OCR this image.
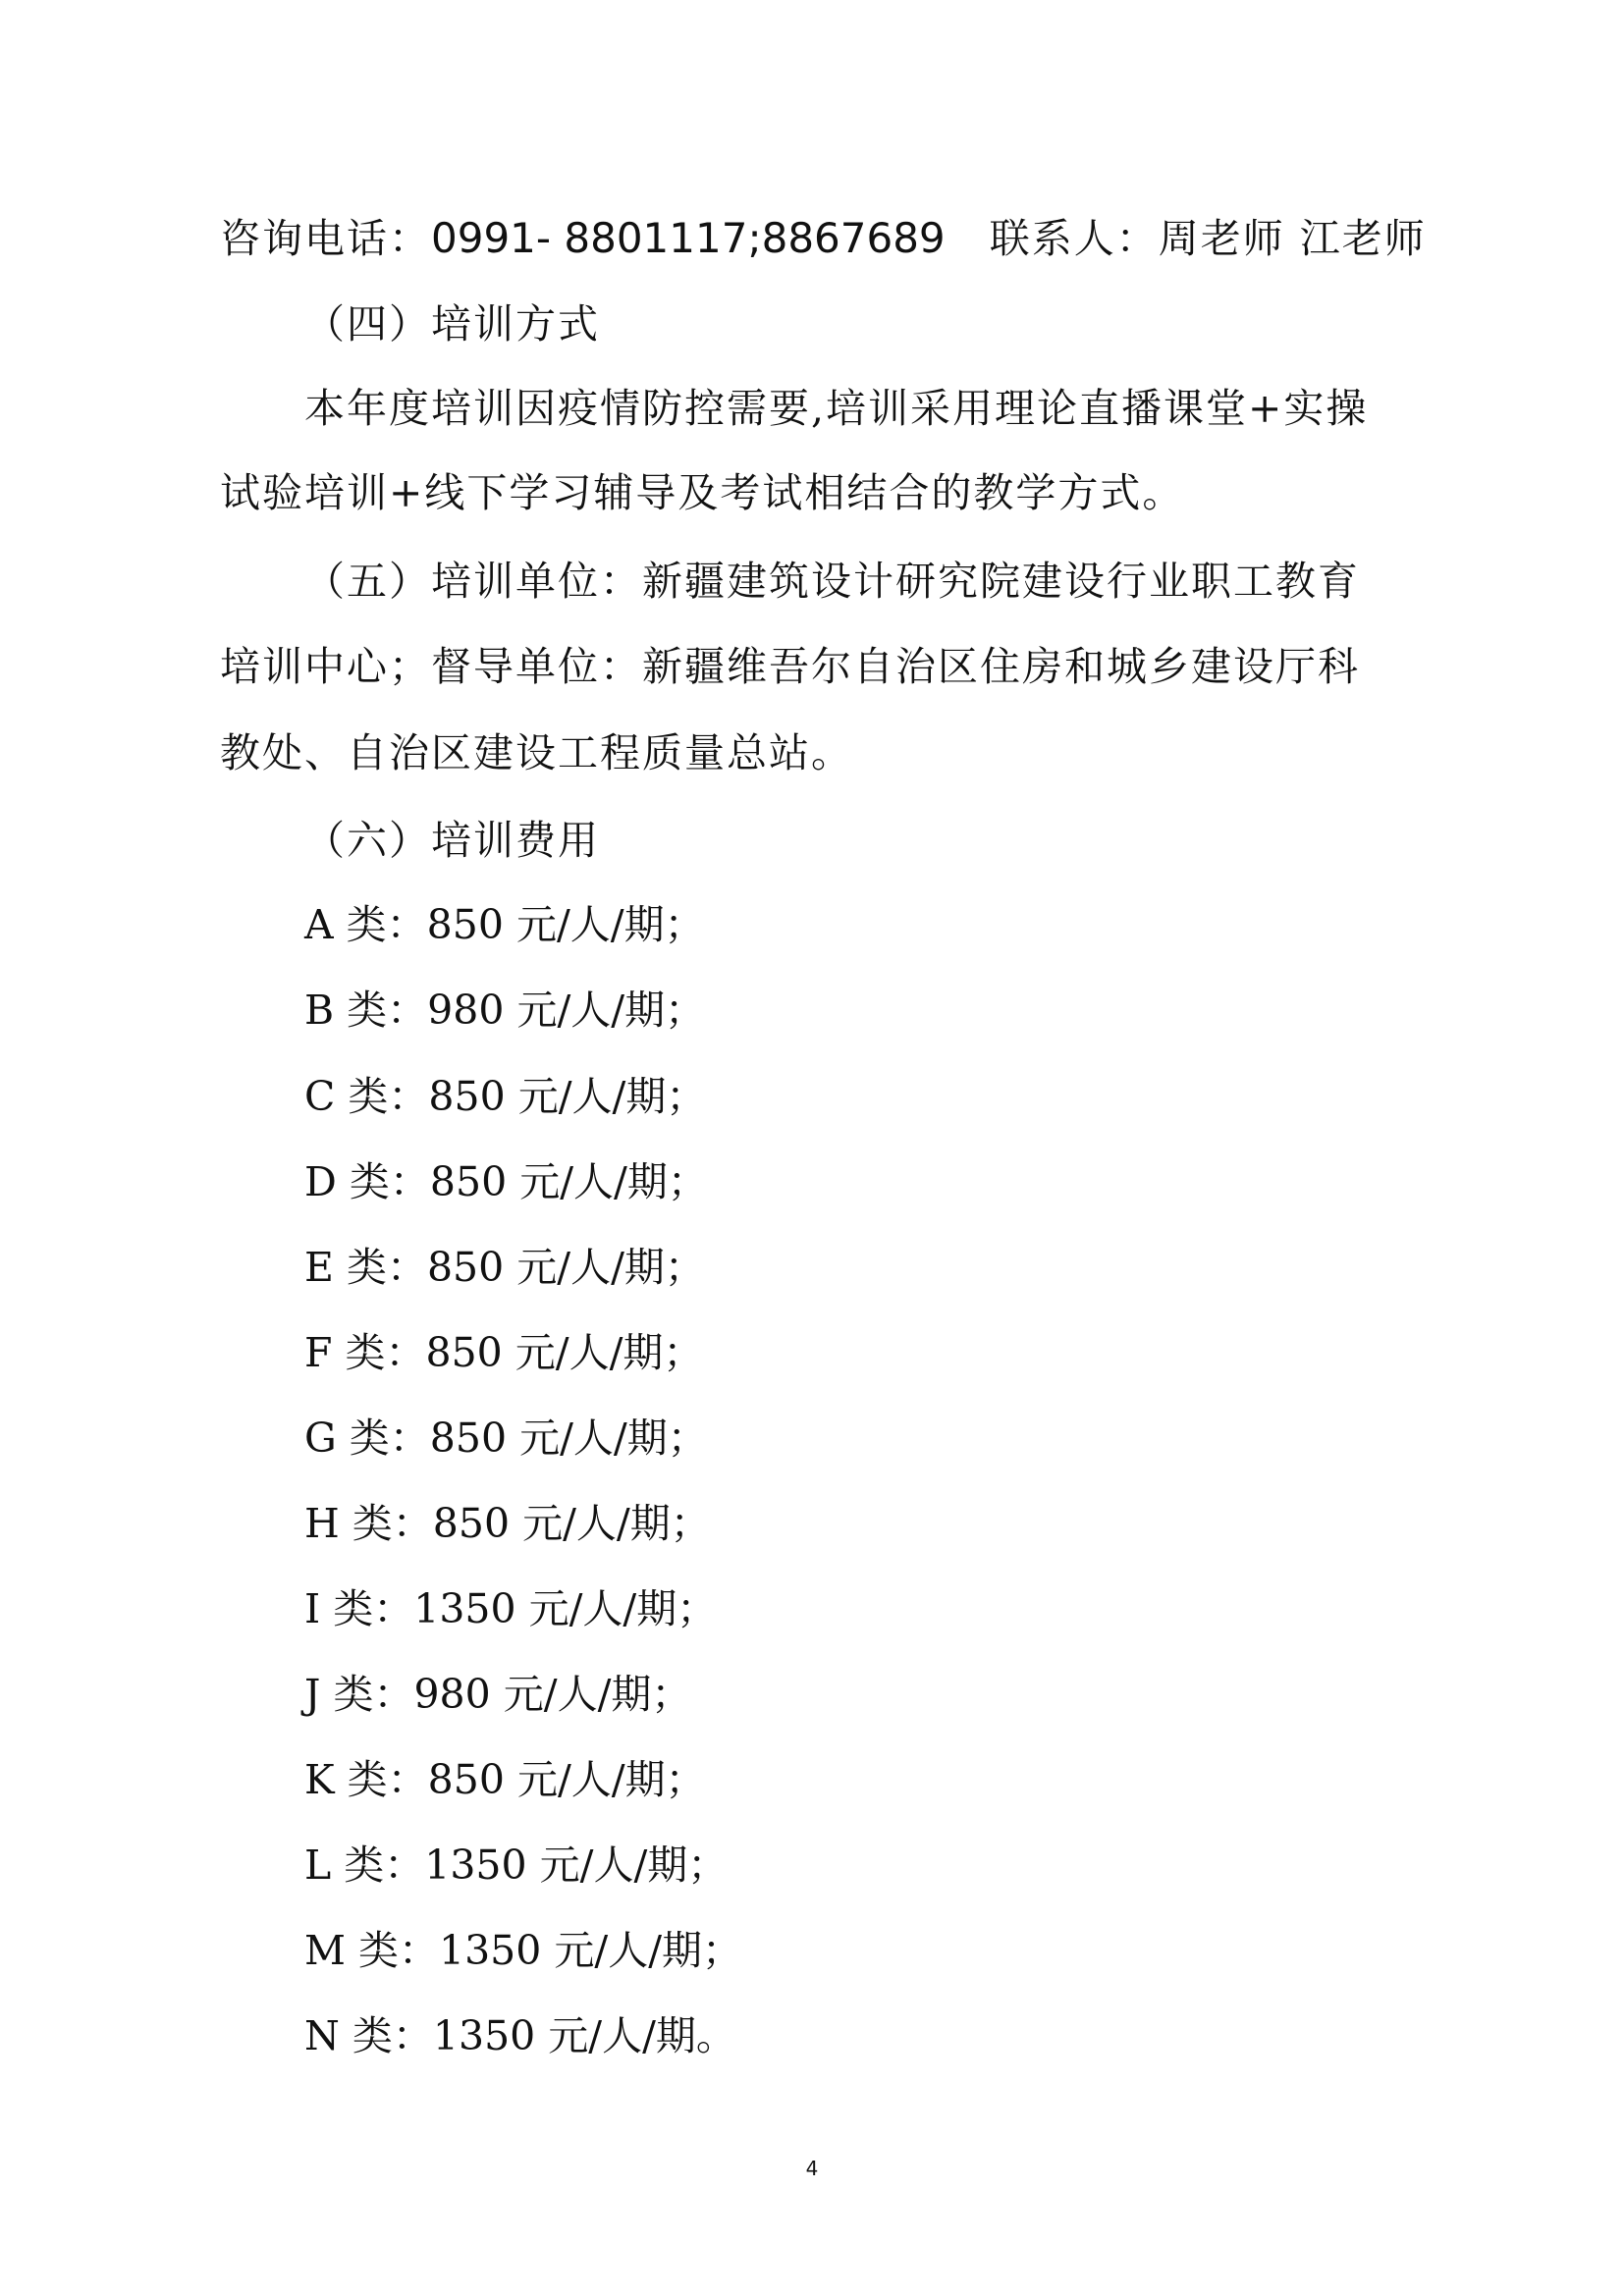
咨询电话：0991- 8801117;8867689 联系人：周老师 江老师
（四）培训方式
本年度培训因疫情防控需要,培训采用理论直播课堂+实操
试验培训+线下学习辅导及考试相结合的教学方式。
（五）培训单位：新疆建筑设计研究院建设行业职工教育
培训中心；督导单位：新疆维吾尔自治区住房和城乡建设厅科
教处、自治区建设工程质量总站。
（六）培训费用
A 类：850 元/人/期；
B 类：980 元/人/期；
C 类：850 元/人/期；
D 类：850 元/人/期；
E 类：850 元/人/期；
F 类：850 元/人/期；
G 类：850 元/人/期；
H 类：850 元/人/期；
I 类：1350 元/人/期；
J 类：980 元/人/期；
K 类：850 元/人/期；
L 类：1350 元/人/期；
M 类：1350 元/人/期；
N 类：1350 元/人/期。
4
